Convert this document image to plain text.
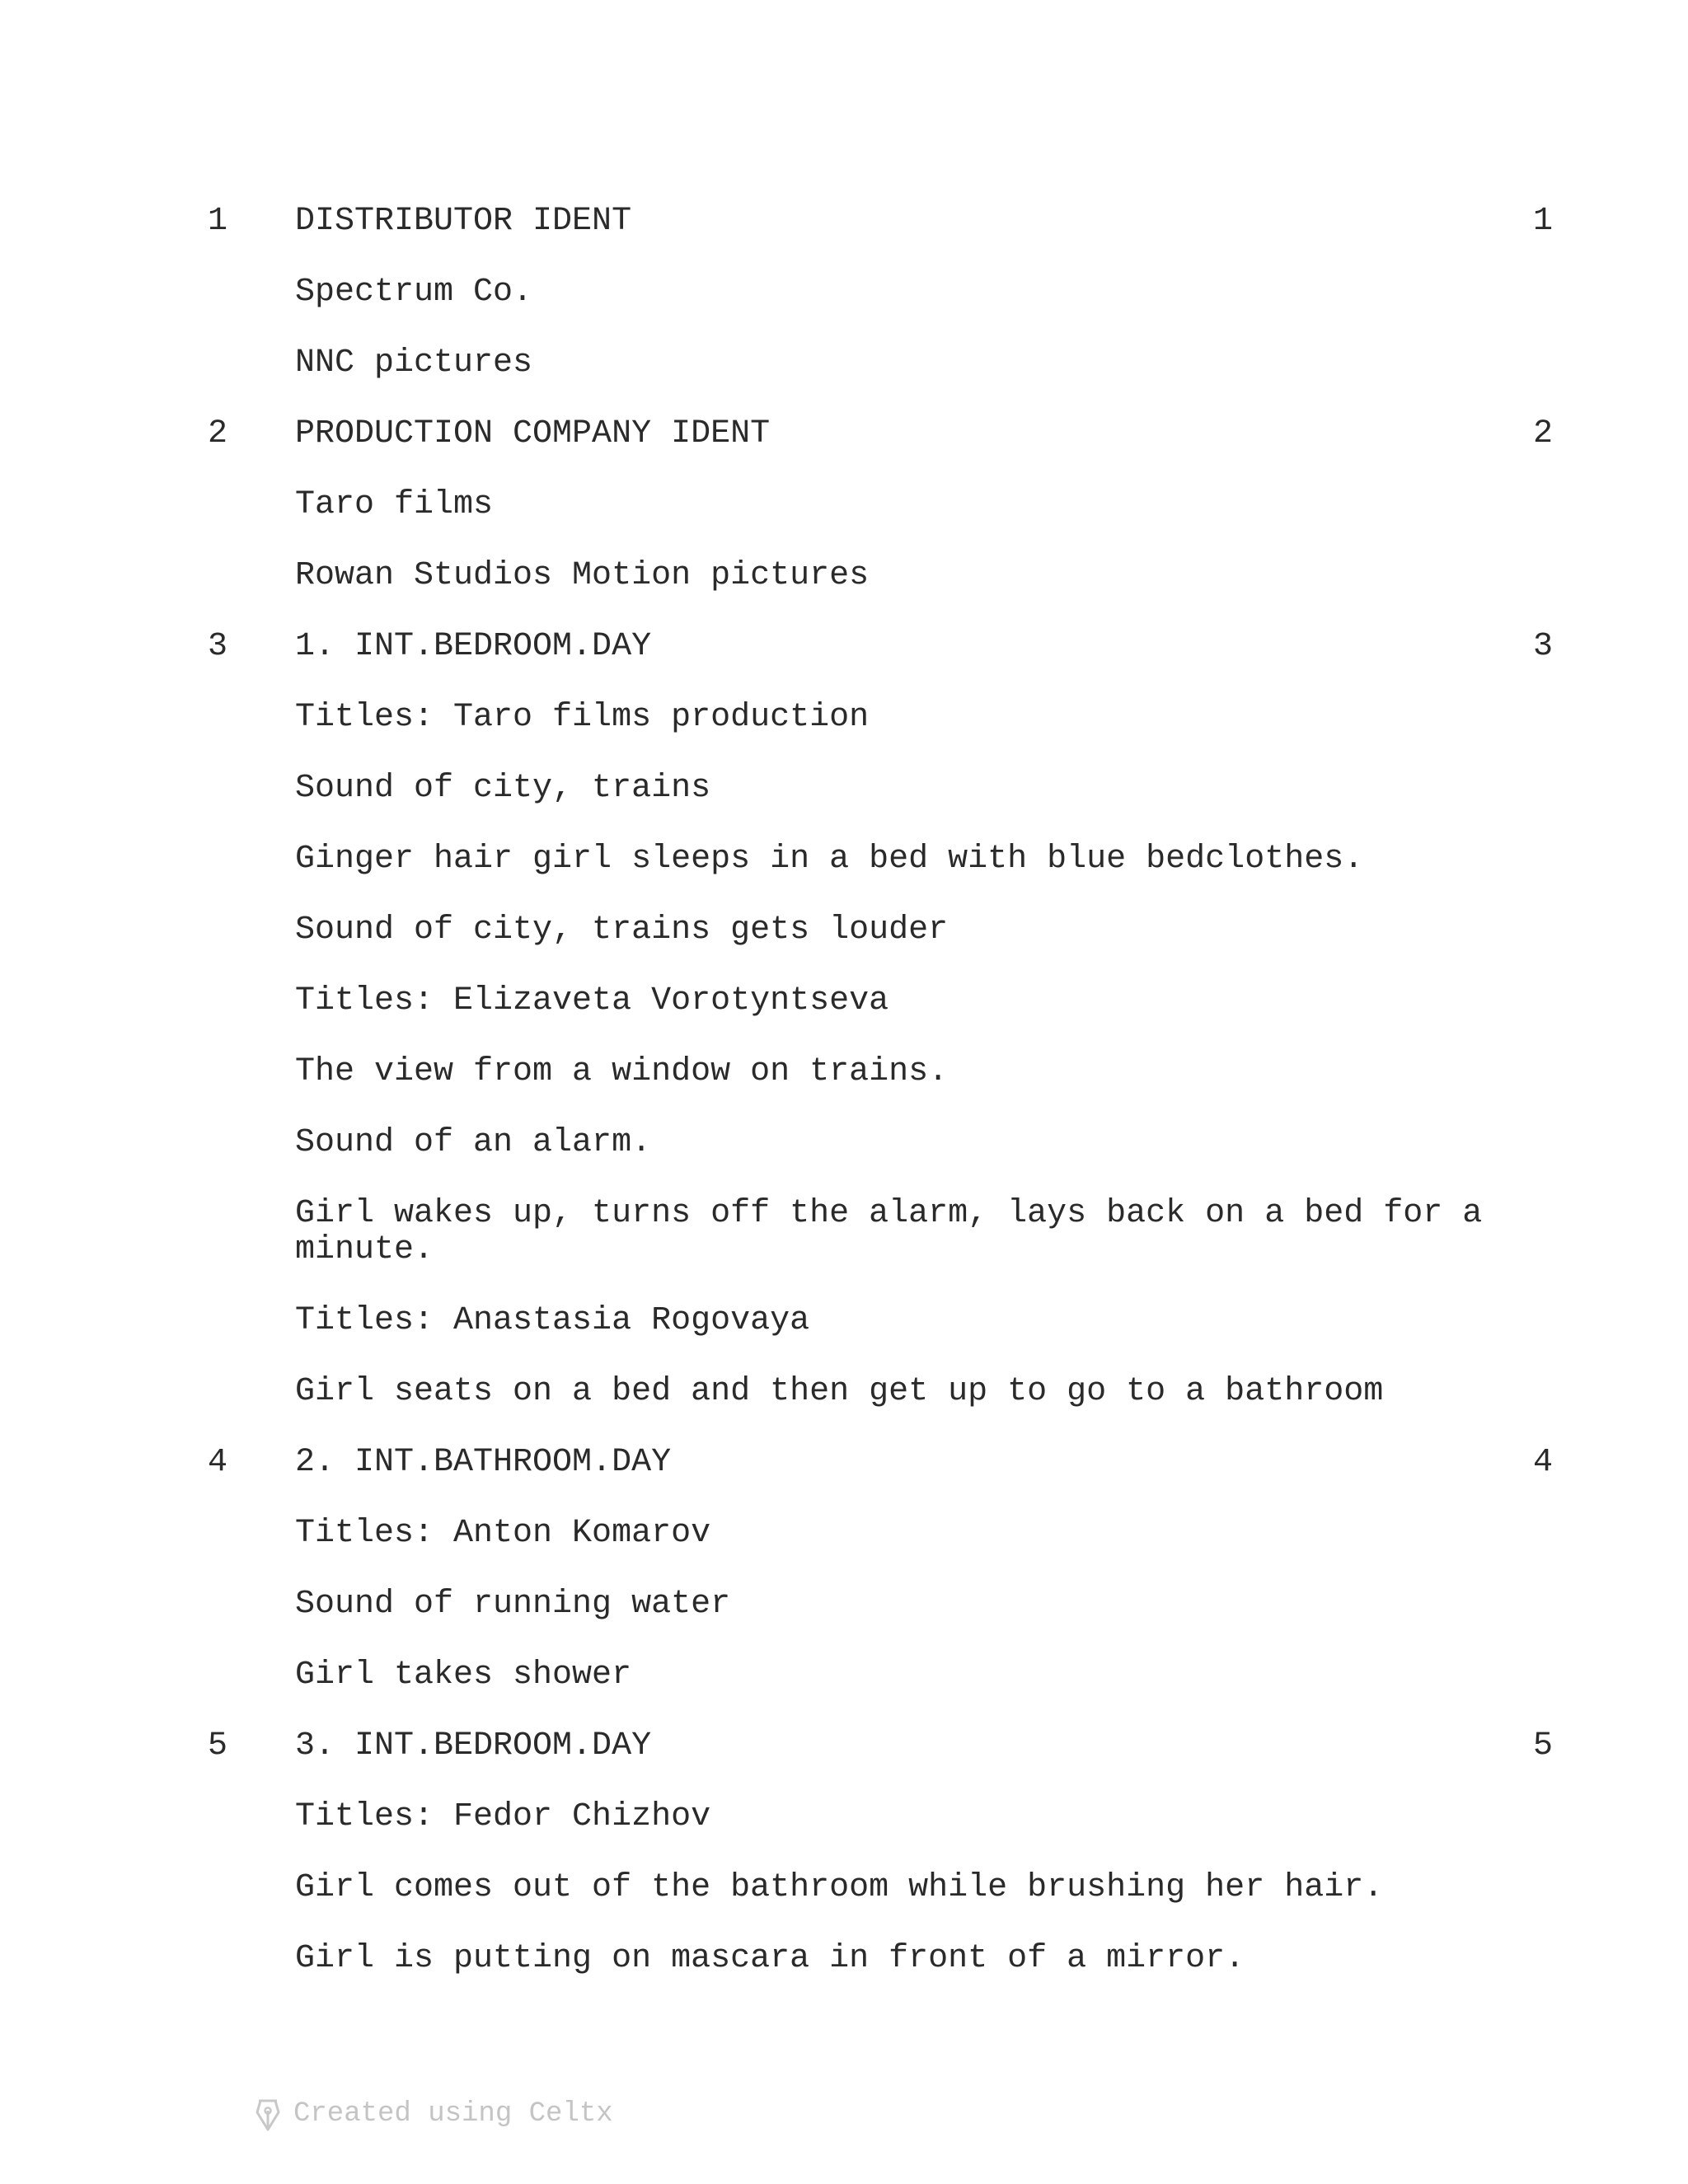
1 DISTRIBUTOR IDENT	1
Spectrum Co.
NNC pictures
2 PRODUCTION COMPANY IDENT	2
Taro films
Rowan Studios Motion pictures
3 1. INT.BEDROOM.DAY	3
Titles: Taro films production
Sound of city, trains
Ginger hair girl sleeps in a bed with blue bedclothes.
Sound of city, trains gets louder
Titles: Elizaveta Vorotyntseva
The view from a window on trains.
Sound of an alarm.
Girl wakes up, turns off the alarm, lays back on a bed for a
minute.
Titles: Anastasia Rogovaya
Girl seats on a bed and then get up to go to a bathroom
4 2. INT.BATHROOM.DAY	4
Titles: Anton Komarov
Sound of running water
Girl takes shower
5 3. INT.BEDROOM.DAY	5
Titles: Fedor Chizhov
Girl comes out of the bathroom while brushing her hair.
Girl is putting on mascara in front of a mirror.
Created using Celtx
